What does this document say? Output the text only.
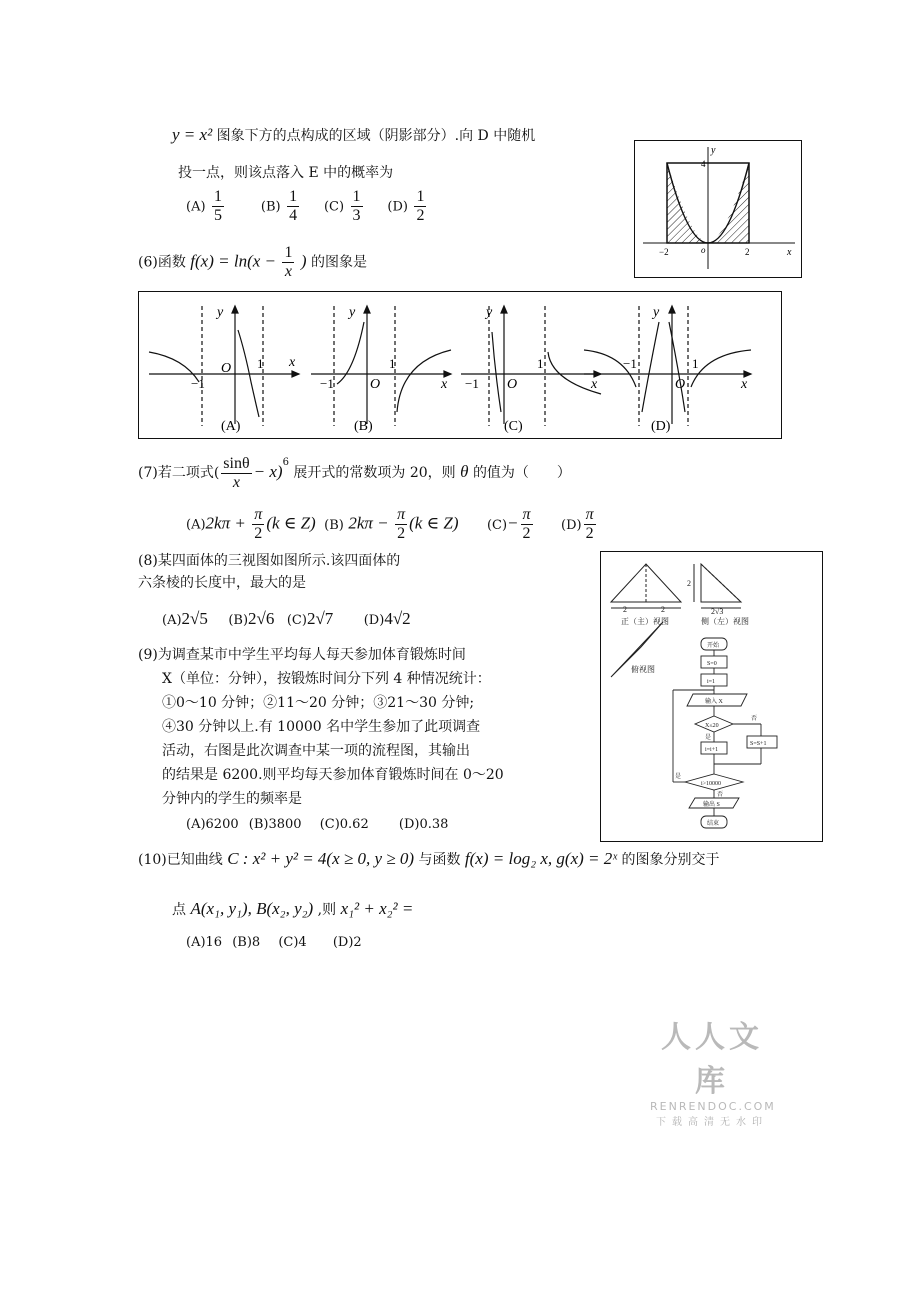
y = x² 图象下方的点构成的区域（阴影部分）.向 D 中随机
投一点，则该点落入 E 中的概率为
$(A) \frac{1}{5}$	$(B) \frac{1}{4} (C) \frac{1}{3} (D) \frac{1}{2}$
y
x
o
4
−2	2
(6)函数 $f(x) = \ln(x - \frac{1}{x}$ ) 的图象是
y
x
O
y
x
O
y
x
O
y
x
O
−1
1
−1
1
−1
1	−1	1
(A)	(B)	(C)	(D)
(7)若二项式( $\frac{\sin\theta}{x} - x)^6$ 展开式的常数项为 20，则 θ 的值为（　　）
$(A)2k\pi + \frac{\pi}{2} (k$ ∈ Z) (B) $2k\pi - \frac{\pi}{2} (k$ ∈ Z) $(C)- \frac{\pi}{2} (D) \frac{\pi}{2}$
(8)某四面体的三视图如图所示.该四面体的
六条棱的长度中，最大的是
(A)2√5 (B)2√6 (C)2√7 (D)4√2	2	2
2
2√3
正（主）视图	侧（左）视图
俯视图
开始
S=0
i=1
输入 X
X≤20
否
是
S=S+1
i=i+1
i>10000
是
否
输出 S
结束
(9)为调查某市中学生平均每人每天参加体育锻炼时间
X（单位：分钟），按锻炼时间分下列 4 种情况统计：
①0～10 分钟；②11～20 分钟；③21～30 分钟;
④30 分钟以上.有 10000 名中学生参加了此项调查
活动，右图是此次调查中某一项的流程图，其输出
的结果是 6200.则平均每天参加体育锻炼时间在 0～20
分钟内的学生的频率是
(A)6200 (B)3800 (C)0.62 (D)0.38
(10)已知曲线 C : x² + y² = 4(x ≥ 0, y ≥ 0) 与函数 f(x) = log₂ x, g(x) = 2ˣ 的图象分别交于
点 A(x₁, y₁), B(x₂, y₂) ,则 x₁² + x₂² =
(A)16 (B)8 (C)4 (D)2
人人文库
RENRENDOC.COM
下载高清无水印
